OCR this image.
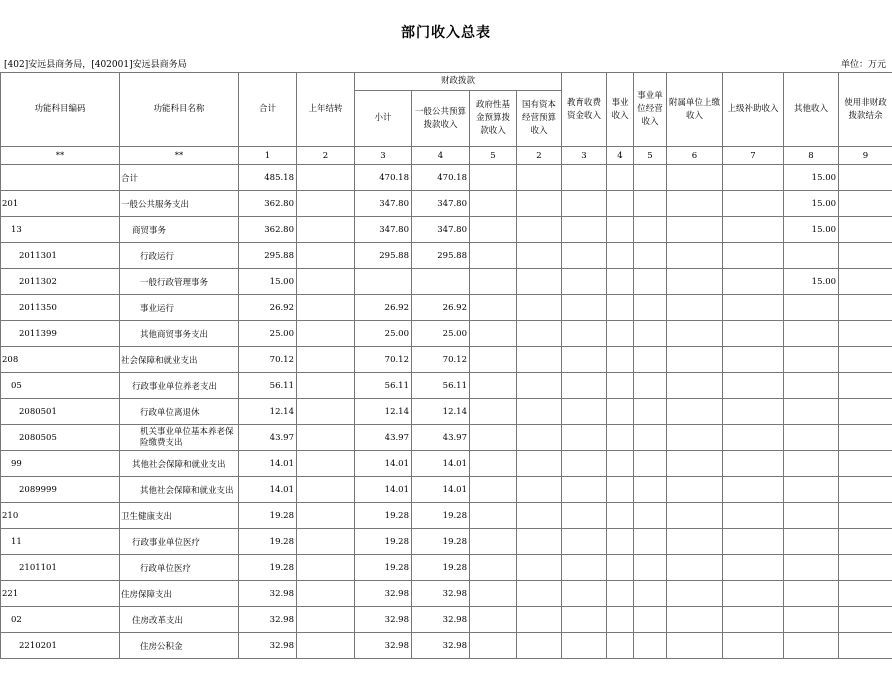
部门收入总表
[402]安远县商务局，[402001]安远县商务局	单位：万元
功能科目编码	功能科目名称	合计	上年结转	财政拨款				教育收费资金收入	事业收入	事业单位经营收入	附属单位上缴收入	上级补助收入	其他收入	使用非财政拨款结余
				小计	一般公共预算拨款收入	政府性基金预算拨款收入	国有资本经营预算收入							
**	**	1	2	3	4	5	2	3	4	5	6	7	8	9
	合计	485.18		470.18	470.18								15.00	
201	一般公共服务支出	362.80		347.80	347.80								15.00	
13	商贸事务	362.80		347.80	347.80								15.00	
2011301	行政运行	295.88		295.88	295.88									
2011302	一般行政管理事务	15.00											15.00	
2011350	事业运行	26.92		26.92	26.92									
2011399	其他商贸事务支出	25.00		25.00	25.00									
208	社会保障和就业支出	70.12		70.12	70.12									
05	行政事业单位养老支出	56.11		56.11	56.11									
2080501	行政单位离退休	12.14		12.14	12.14									
2080505	机关事业单位基本养老保险缴费支出	43.97		43.97	43.97									
99	其他社会保障和就业支出	14.01		14.01	14.01									
2089999	其他社会保障和就业支出	14.01		14.01	14.01									
210	卫生健康支出	19.28		19.28	19.28									
11	行政事业单位医疗	19.28		19.28	19.28									
2101101	行政单位医疗	19.28		19.28	19.28									
221	住房保障支出	32.98		32.98	32.98									
02	住房改革支出	32.98		32.98	32.98									
2210201	住房公积金	32.98		32.98	32.98									
